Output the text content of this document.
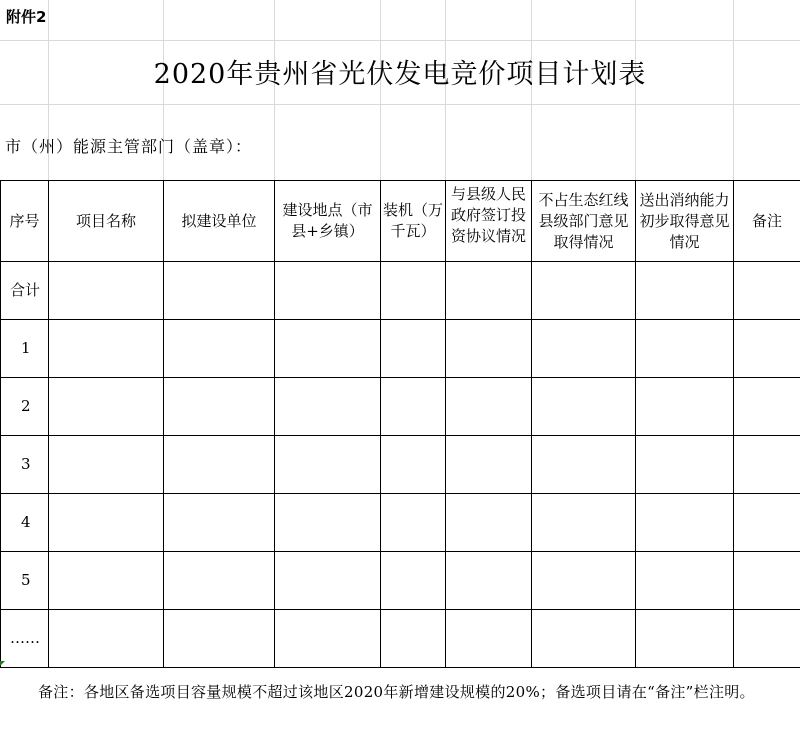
附件2
2020年贵州省光伏发电竞价项目计划表
市（州）能源主管部门（盖章）：
序号	项目名称	拟建设单位	建设地点（市县+乡镇）	装机（万千瓦）	与县级人民政府签订投资协议情况	不占生态红线县级部门意见取得情况	送出消纳能力初步取得意见情况	备注

合计								
1								
2								
3								
4								
5								
……								
备注：各地区备选项目容量规模不超过该地区2020年新增建设规模的20%；备选项目请在“备注”栏注明。
